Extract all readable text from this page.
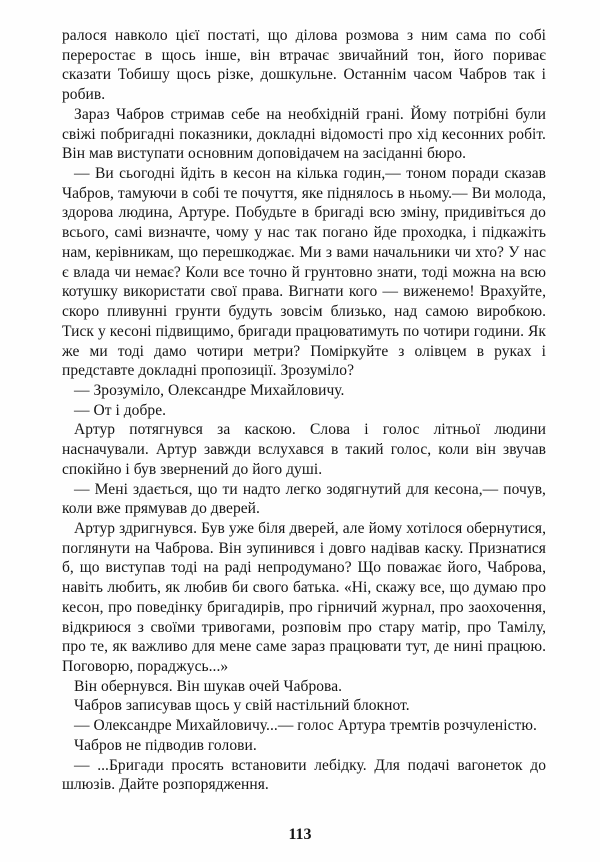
ралося навколо цієї постаті, що ділова розмова з ним сама по собі переростає в щось інше, він втрачає звичайний тон, його пориває сказати Тобишу щось різке, дошкульне. Останнім часом Чабров так і робив.

Зараз Чабров стримав себе на необхідній грані. Йому потрібні були свіжі побригадні показники, докладні відомості про хід кесонних робіт. Він мав виступати основним доповідачем на засіданні бюро.

— Ви сьогодні йдіть в кесон на кілька годин,— тоном поради сказав Чабров, тамуючи в собі те почуття, яке піднялось в ньому.— Ви молода, здорова людина, Артуре. Побудьте в бригаді всю зміну, придивіться до всього, самі визначте, чому у нас так погано йде проходка, і підкажіть нам, керівникам, що перешкоджає. Ми з вами начальники чи хто? У нас є влада чи немає? Коли все точно й грунтовно знати, тоді можна на всю котушку використати свої права. Вигнати кого — виженемо! Врахуйте, скоро пливунні грунти будуть зовсім близько, над самою виробкою. Тиск у кесоні підвищимо, бригади працюватимуть по чотири години. Як же ми тоді дамо чотири метри? Поміркуйте з олівцем в руках і представте докладні пропозиції. Зрозуміло?

— Зрозуміло, Олександре Михайловичу.

— От і добре.

Артур потягнувся за каскою. Слова і голос літньої людини насначували. Артур завжди вслухався в такий голос, коли він звучав спокійно і був звернений до його душі.

— Мені здається, що ти надто легко зодягнутий для кесона,— почув, коли вже прямував до дверей.

Артур здригнувся. Був уже біля дверей, але йому хотілося обернутися, поглянути на Чаброва. Він зупинився і довго надівав каску. Признатися б, що виступав тоді на раді непродумано? Що поважає його, Чаброва, навіть любить, як любив би свого батька. «Ні, скажу все, що думаю про кесон, про поведінку бригадирів, про гірничий журнал, про заохочення, відкриюся з своїми тривогами, розповім про стару матір, про Тамілу, про те, як важливо для мене саме зараз працювати тут, де нині працюю. Поговорю, пораджусь...»

Він обернувся. Він шукав очей Чаброва.

Чабров записував щось у свій настільний блокнот.

— Олександре Михайловичу...— голос Артура тремтів розчуленістю.

Чабров не підводив голови.

— ...Бригади просять встановити лебідку. Для подачі вагонеток до шлюзів. Дайте розпорядження.

113
